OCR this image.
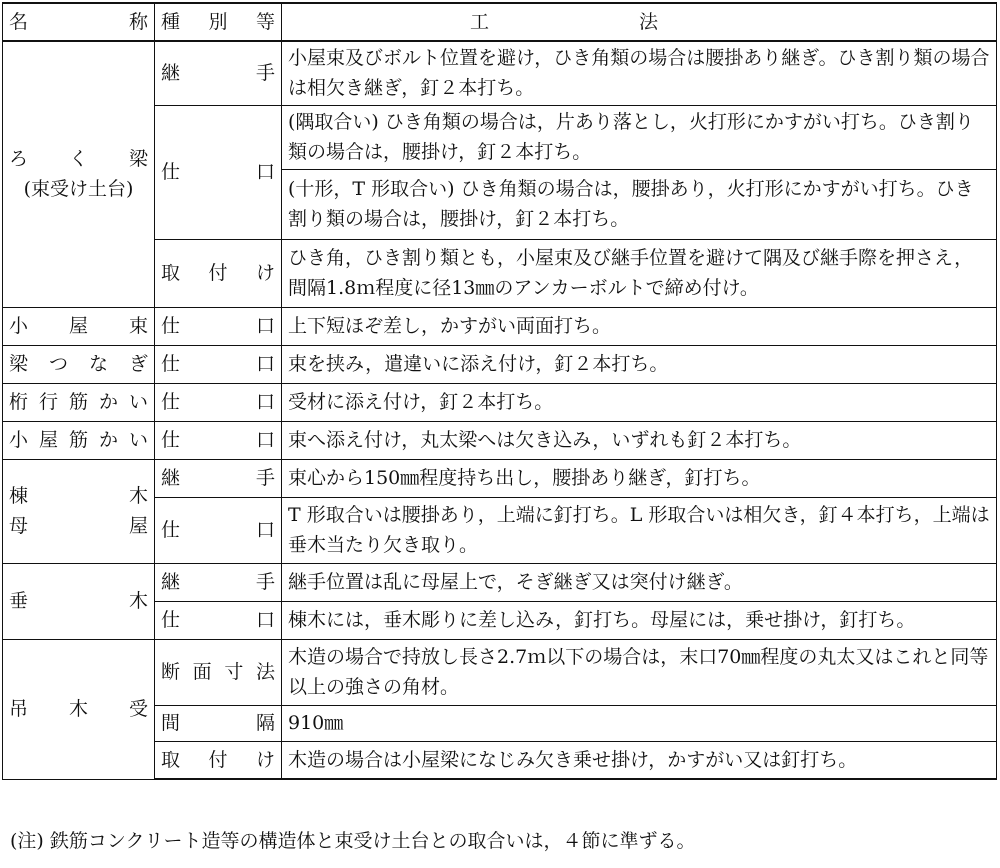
名　称	種別等	工法
ろ く 梁
(束受け土台)	継　手	小屋束及びボルト位置を避け，ひき角類の場合は腰掛あり継ぎ。ひき割り類の場合は相欠き継ぎ，釘２本打ち。
	仕　口	(隅取合い) ひき角類の場合は，片あり落とし，火打形にかすがい打ち。ひき割り類の場合は，腰掛け，釘２本打ち。
		(十形，T 形取合い) ひき角類の場合は，腰掛あり，火打形にかすがい打ち。ひき割り類の場合は，腰掛け，釘２本打ち。
	取付け	ひき角，ひき割り類とも，小屋束及び継手位置を避けて隅及び継手際を押さえ，間隔1.8ｍ程度に径13㎜のアンカーボルトで締め付け。
小　屋　束	仕　口	上下短ほぞ差し，かすがい両面打ち。
梁つなぎ	仕　口	束を挟み，遣違いに添え付け，釘２本打ち。
桁行筋かい	仕　口	受材に添え付け，釘２本打ち。
小屋筋かい	仕　口	束へ添え付け，丸太梁へは欠き込み，いずれも釘２本打ち。

棟　木
母　屋	継　手	束心から150㎜程度持ち出し，腰掛あり継ぎ，釘打ち。
	仕　口	T 形取合いは腰掛あり，上端に釘打ち。L 形取合いは相欠き，釘４本打ち，上端は垂木当たり欠き取り。
垂　木	継　手	継手位置は乱に母屋上で，そぎ継ぎ又は突付け継ぎ。
	仕　口	棟木には，垂木彫りに差し込み，釘打ち。母屋には，乗せ掛け，釘打ち。
吊 木 受	断面寸法	木造の場合で持放し長さ2.7ｍ以下の場合は，末口70㎜程度の丸太又はこれと同等以上の強さの角材。
	間　隔	910㎜
	取付け	木造の場合は小屋梁になじみ欠き乗せ掛け，かすがい又は釘打ち。
(注) 鉄筋コンクリート造等の構造体と束受け土台との取合いは，４節に準ずる。
